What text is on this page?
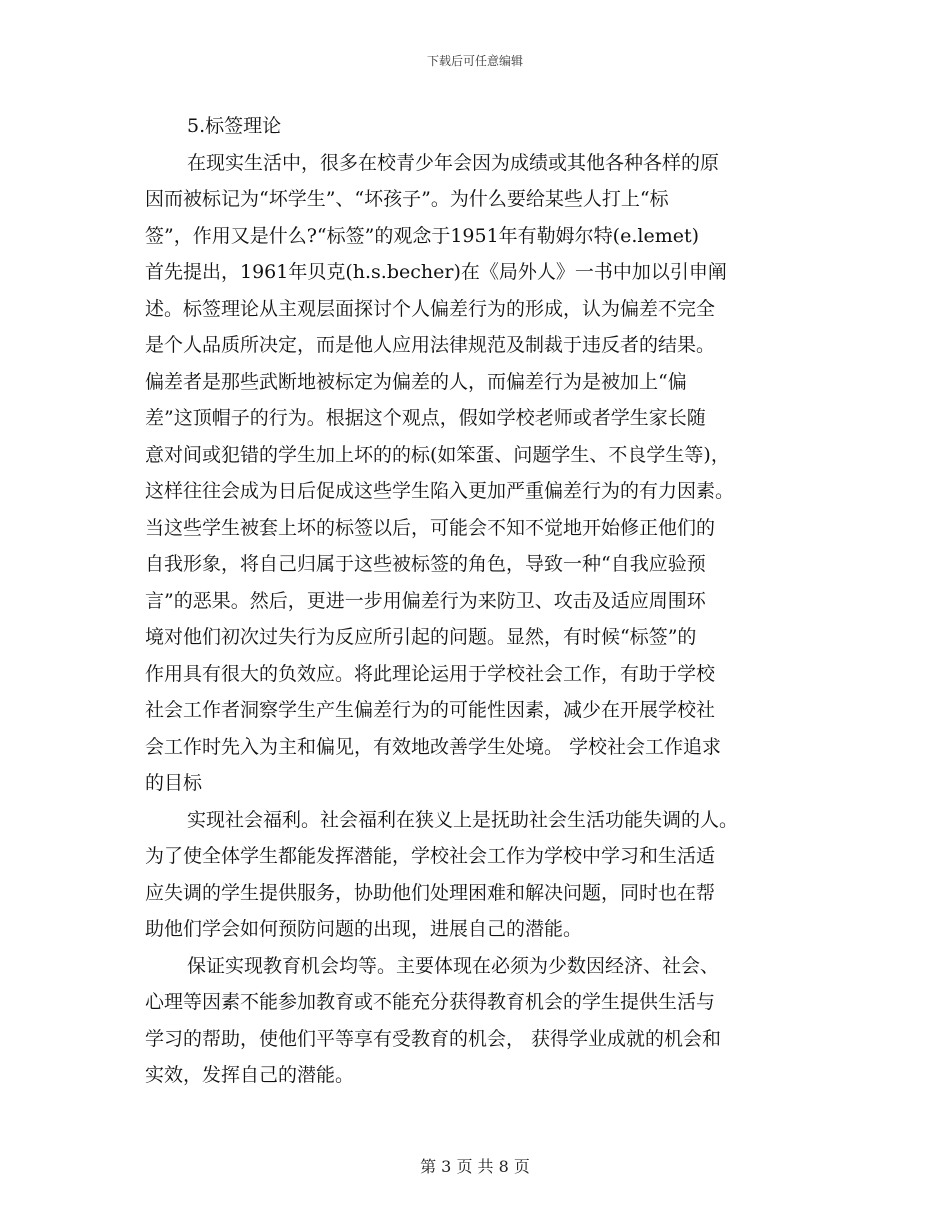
下载后可任意编辑
5.标签理论
在现实生活中，很多在校青少年会因为成绩或其他各种各样的原
因而被标记为“坏学生”、“坏孩子”。为什么要给某些人打上“标
签”，作用又是什么?“标签”的观念于1951年有勒姆尔特(e.lemet)
首先提出，1961年贝克(h.s.becher)在《局外人》一书中加以引申阐
述。标签理论从主观层面探讨个人偏差行为的形成，认为偏差不完全
是个人品质所决定，而是他人应用法律规范及制裁于违反者的结果。
偏差者是那些武断地被标定为偏差的人，而偏差行为是被加上“偏
差”这顶帽子的行为。根据这个观点，假如学校老师或者学生家长随
意对间或犯错的学生加上坏的的标(如笨蛋、问题学生、不良学生等)，
这样往往会成为日后促成这些学生陷入更加严重偏差行为的有力因素。
当这些学生被套上坏的标签以后，可能会不知不觉地开始修正他们的
自我形象，将自己归属于这些被标签的角色，导致一种“自我应验预
言”的恶果。然后，更进一步用偏差行为来防卫、攻击及适应周围环
境对他们初次过失行为反应所引起的问题。显然，有时候“标签”的
作用具有很大的负效应。将此理论运用于学校社会工作，有助于学校
社会工作者洞察学生产生偏差行为的可能性因素，减少在开展学校社
会工作时先入为主和偏见，有效地改善学生处境。 学校社会工作追求
的目标
实现社会福利。社会福利在狭义上是抚助社会生活功能失调的人。
为了使全体学生都能发挥潜能，学校社会工作为学校中学习和生活适
应失调的学生提供服务，协助他们处理困难和解决问题，同时也在帮
助他们学会如何预防问题的出现，进展自己的潜能。
保证实现教育机会均等。主要体现在必须为少数因经济、社会、
心理等因素不能参加教育或不能充分获得教育机会的学生提供生活与
学习的帮助，使他们平等享有受教育的机会， 获得学业成就的机会和
实效，发挥自己的潜能。
第 3 页 共 8 页
